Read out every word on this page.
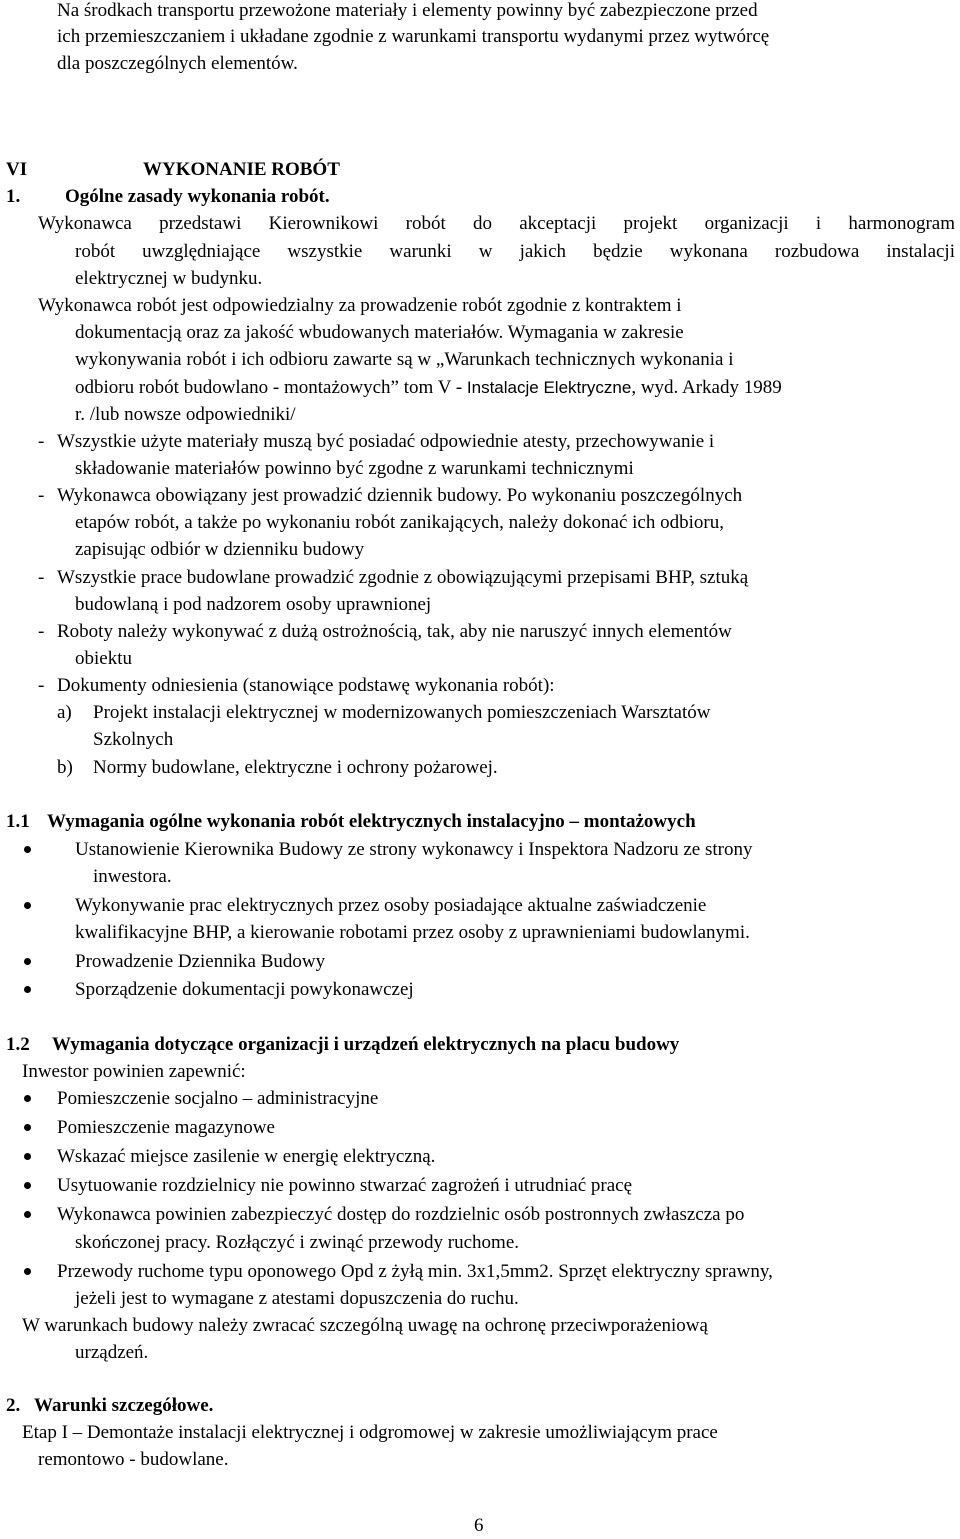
Na środkach transportu przewożone materiały i elementy powinny być zabezpieczone przed
ich przemieszczaniem i układane zgodnie z warunkami transportu wydanymi przez wytwórcę
dla poszczególnych elementów.
VI	WYKONANIE ROBÓT
1. Ogólne zasady wykonania robót.
Wykonawca przedstawi Kierownikowi robót do akceptacji projekt organizacji i harmonogram
robót uwzględniające wszystkie warunki w jakich będzie wykonana rozbudowa instalacji
elektrycznej w budynku.
Wykonawca robót jest odpowiedzialny za prowadzenie robót zgodnie z kontraktem i
dokumentacją oraz za jakość wbudowanych materiałów. Wymagania w zakresie
wykonywania robót i ich odbioru zawarte są w „Warunkach technicznych wykonania i
odbioru robót budowlano - montażowych” tom V - Instalacje Elektryczne, wyd. Arkady 1989
r. /lub nowsze odpowiedniki/
- Wszystkie użyte materiały muszą być posiadać odpowiednie atesty, przechowywanie i
składowanie materiałów powinno być zgodne z warunkami technicznymi
- Wykonawca obowiązany jest prowadzić dziennik budowy. Po wykonaniu poszczególnych
etapów robót, a także po wykonaniu robót zanikających, należy dokonać ich odbioru,
zapisując odbiór w dzienniku budowy
- Wszystkie prace budowlane prowadzić zgodnie z obowiązującymi przepisami BHP, sztuką
budowlaną i pod nadzorem osoby uprawnionej
- Roboty należy wykonywać z dużą ostrożnością, tak, aby nie naruszyć innych elementów
obiektu
- Dokumenty odniesienia (stanowiące podstawę wykonania robót):
a) Projekt instalacji elektrycznej w modernizowanych pomieszczeniach Warsztatów
Szkolnych
b) Normy budowlane, elektryczne i ochrony pożarowej.
1.1 Wymagania ogólne wykonania robót elektrycznych instalacyjno – montażowych
Ustanowienie Kierownika Budowy ze strony wykonawcy i Inspektora Nadzoru ze strony
inwestora.
Wykonywanie prac elektrycznych przez osoby posiadające aktualne zaświadczenie
kwalifikacyjne BHP, a kierowanie robotami przez osoby z uprawnieniami budowlanymi.
Prowadzenie Dziennika Budowy
Sporządzenie dokumentacji powykonawczej
1.2 Wymagania dotyczące organizacji i urządzeń elektrycznych na placu budowy
Inwestor powinien zapewnić:
Pomieszczenie socjalno – administracyjne
Pomieszczenie magazynowe
Wskazać miejsce zasilenie w energię elektryczną.
Usytuowanie rozdzielnicy nie powinno stwarzać zagrożeń i utrudniać pracę
Wykonawca powinien zabezpieczyć dostęp do rozdzielnic osób postronnych zwłaszcza po
skończonej pracy. Rozłączyć i zwinąć przewody ruchome.
Przewody ruchome typu oponowego Opd z żyłą min. 3x1,5mm2. Sprzęt elektryczny sprawny,
jeżeli jest to wymagane z atestami dopuszczenia do ruchu.
W warunkach budowy należy zwracać szczególną uwagę na ochronę przeciwporażeniową
urządzeń.
2. Warunki szczegółowe.
Etap I – Demontaże instalacji elektrycznej i odgromowej w zakresie umożliwiającym prace
remontowo - budowlane.
6
